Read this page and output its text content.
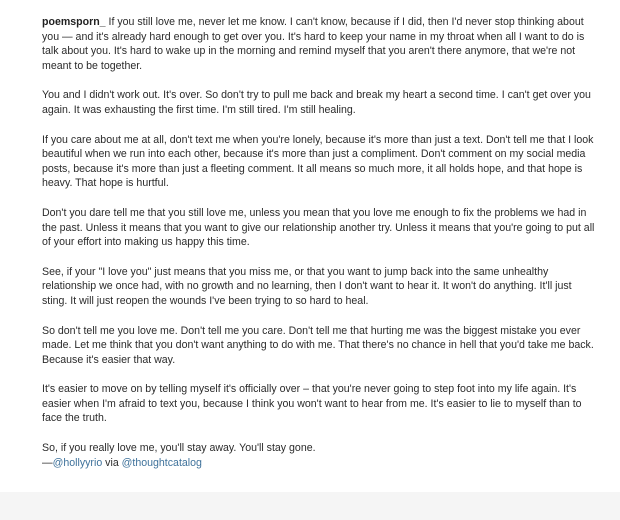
poemsporn_ If you still love me, never let me know. I can't know, because if I did, then I'd never stop thinking about you — and it's already hard enough to get over you. It's hard to keep your name in my throat when all I want to do is talk about you. It's hard to wake up in the morning and remind myself that you aren't there anymore, that we're not meant to be together.

You and I didn't work out. It's over. So don't try to pull me back and break my heart a second time. I can't get over you again. It was exhausting the first time. I'm still tired. I'm still healing.

If you care about me at all, don't text me when you're lonely, because it's more than just a text. Don't tell me that I look beautiful when we run into each other, because it's more than just a compliment. Don't comment on my social media posts, because it's more than just a fleeting comment. It all means so much more, it all holds hope, and that hope is heavy. That hope is hurtful.

Don't you dare tell me that you still love me, unless you mean that you love me enough to fix the problems we had in the past. Unless it means that you want to give our relationship another try. Unless it means that you're going to put all of your effort into making us happy this time.

See, if your "I love you" just means that you miss me, or that you want to jump back into the same unhealthy relationship we once had, with no growth and no learning, then I don't want to hear it. It won't do anything. It'll just sting. It will just reopen the wounds I've been trying to so hard to heal.

So don't tell me you love me. Don't tell me you care. Don't tell me that hurting me was the biggest mistake you ever made. Let me think that you don't want anything to do with me. That there's no chance in hell that you'd take me back. Because it's easier that way.

It's easier to move on by telling myself it's officially over – that you're never going to step foot into my life again. It's easier when I'm afraid to text you, because I think you won't want to hear from me. It's easier to lie to myself than to face the truth.

So, if you really love me, you'll stay away. You'll stay gone.
—@hollyyrio via @thoughtcatalog
